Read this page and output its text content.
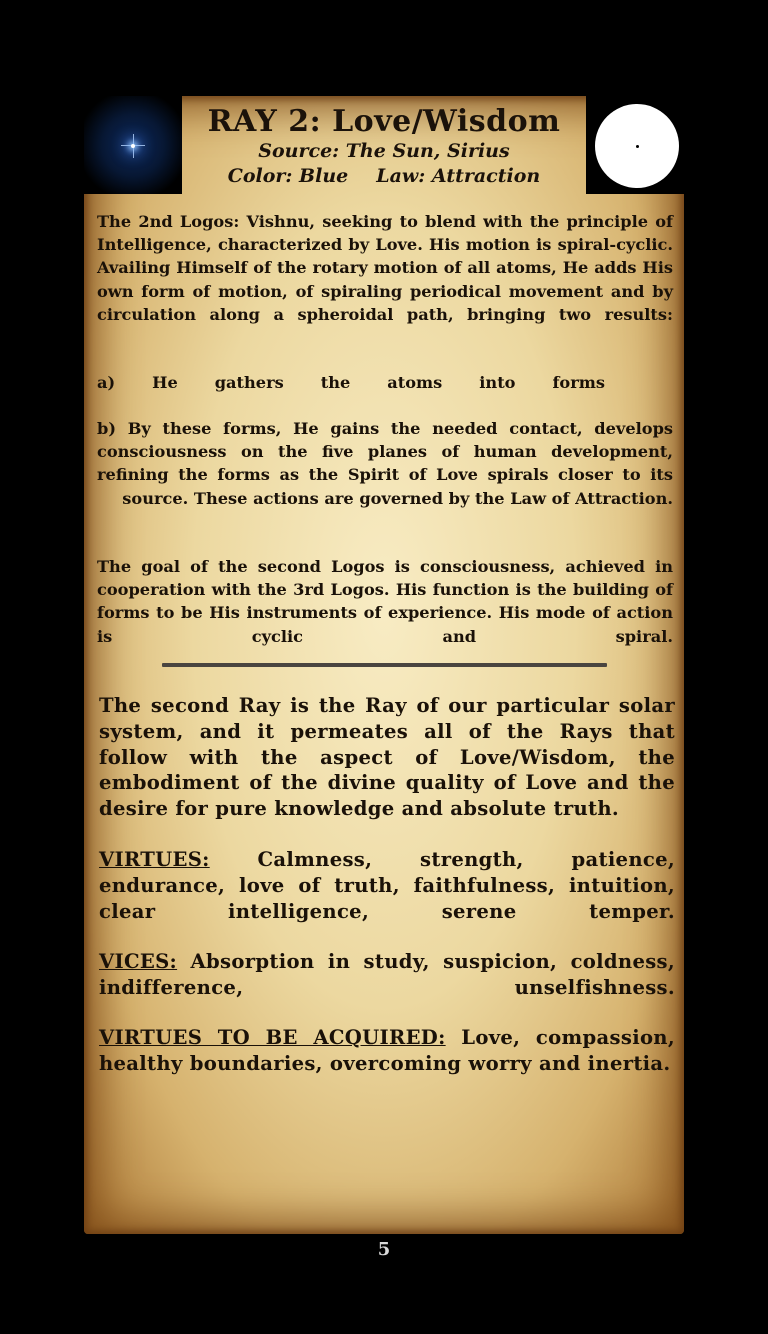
RAY 2: Love/Wisdom
Source: The Sun, Sirius
Color: Blue Law: Attraction

The 2nd Logos: Vishnu, seeking to blend with the principle of Intelligence, characterized by Love. His motion is spiral-cyclic. Availing Himself of the rotary motion of all atoms, He adds His own form of motion, of spiraling periodical movement and by circulation along a spheroidal path, bringing two results:

a) He gathers the atoms into forms

b) By these forms, He gains the needed contact, develops consciousness on the five planes of human development, refining the forms as the Spirit of Love spirals closer to its source. These actions are governed by the Law of Attraction.

The goal of the second Logos is consciousness, achieved in cooperation with the 3rd Logos. His function is the building of forms to be His instruments of experience. His mode of action is cyclic and spiral.

The second Ray is the Ray of our particular solar system, and it permeates all of the Rays that follow with the aspect of Love/Wisdom, the embodiment of the divine quality of Love and the desire for pure knowledge and absolute truth.

VIRTUES: Calmness, strength, patience, endurance, love of truth, faithfulness, intuition, clear intelligence, serene temper.

VICES: Absorption in study, suspicion, coldness, indifference, unselfishness.

VIRTUES TO BE ACQUIRED: Love, compassion, healthy boundaries, overcoming worry and inertia.

5
